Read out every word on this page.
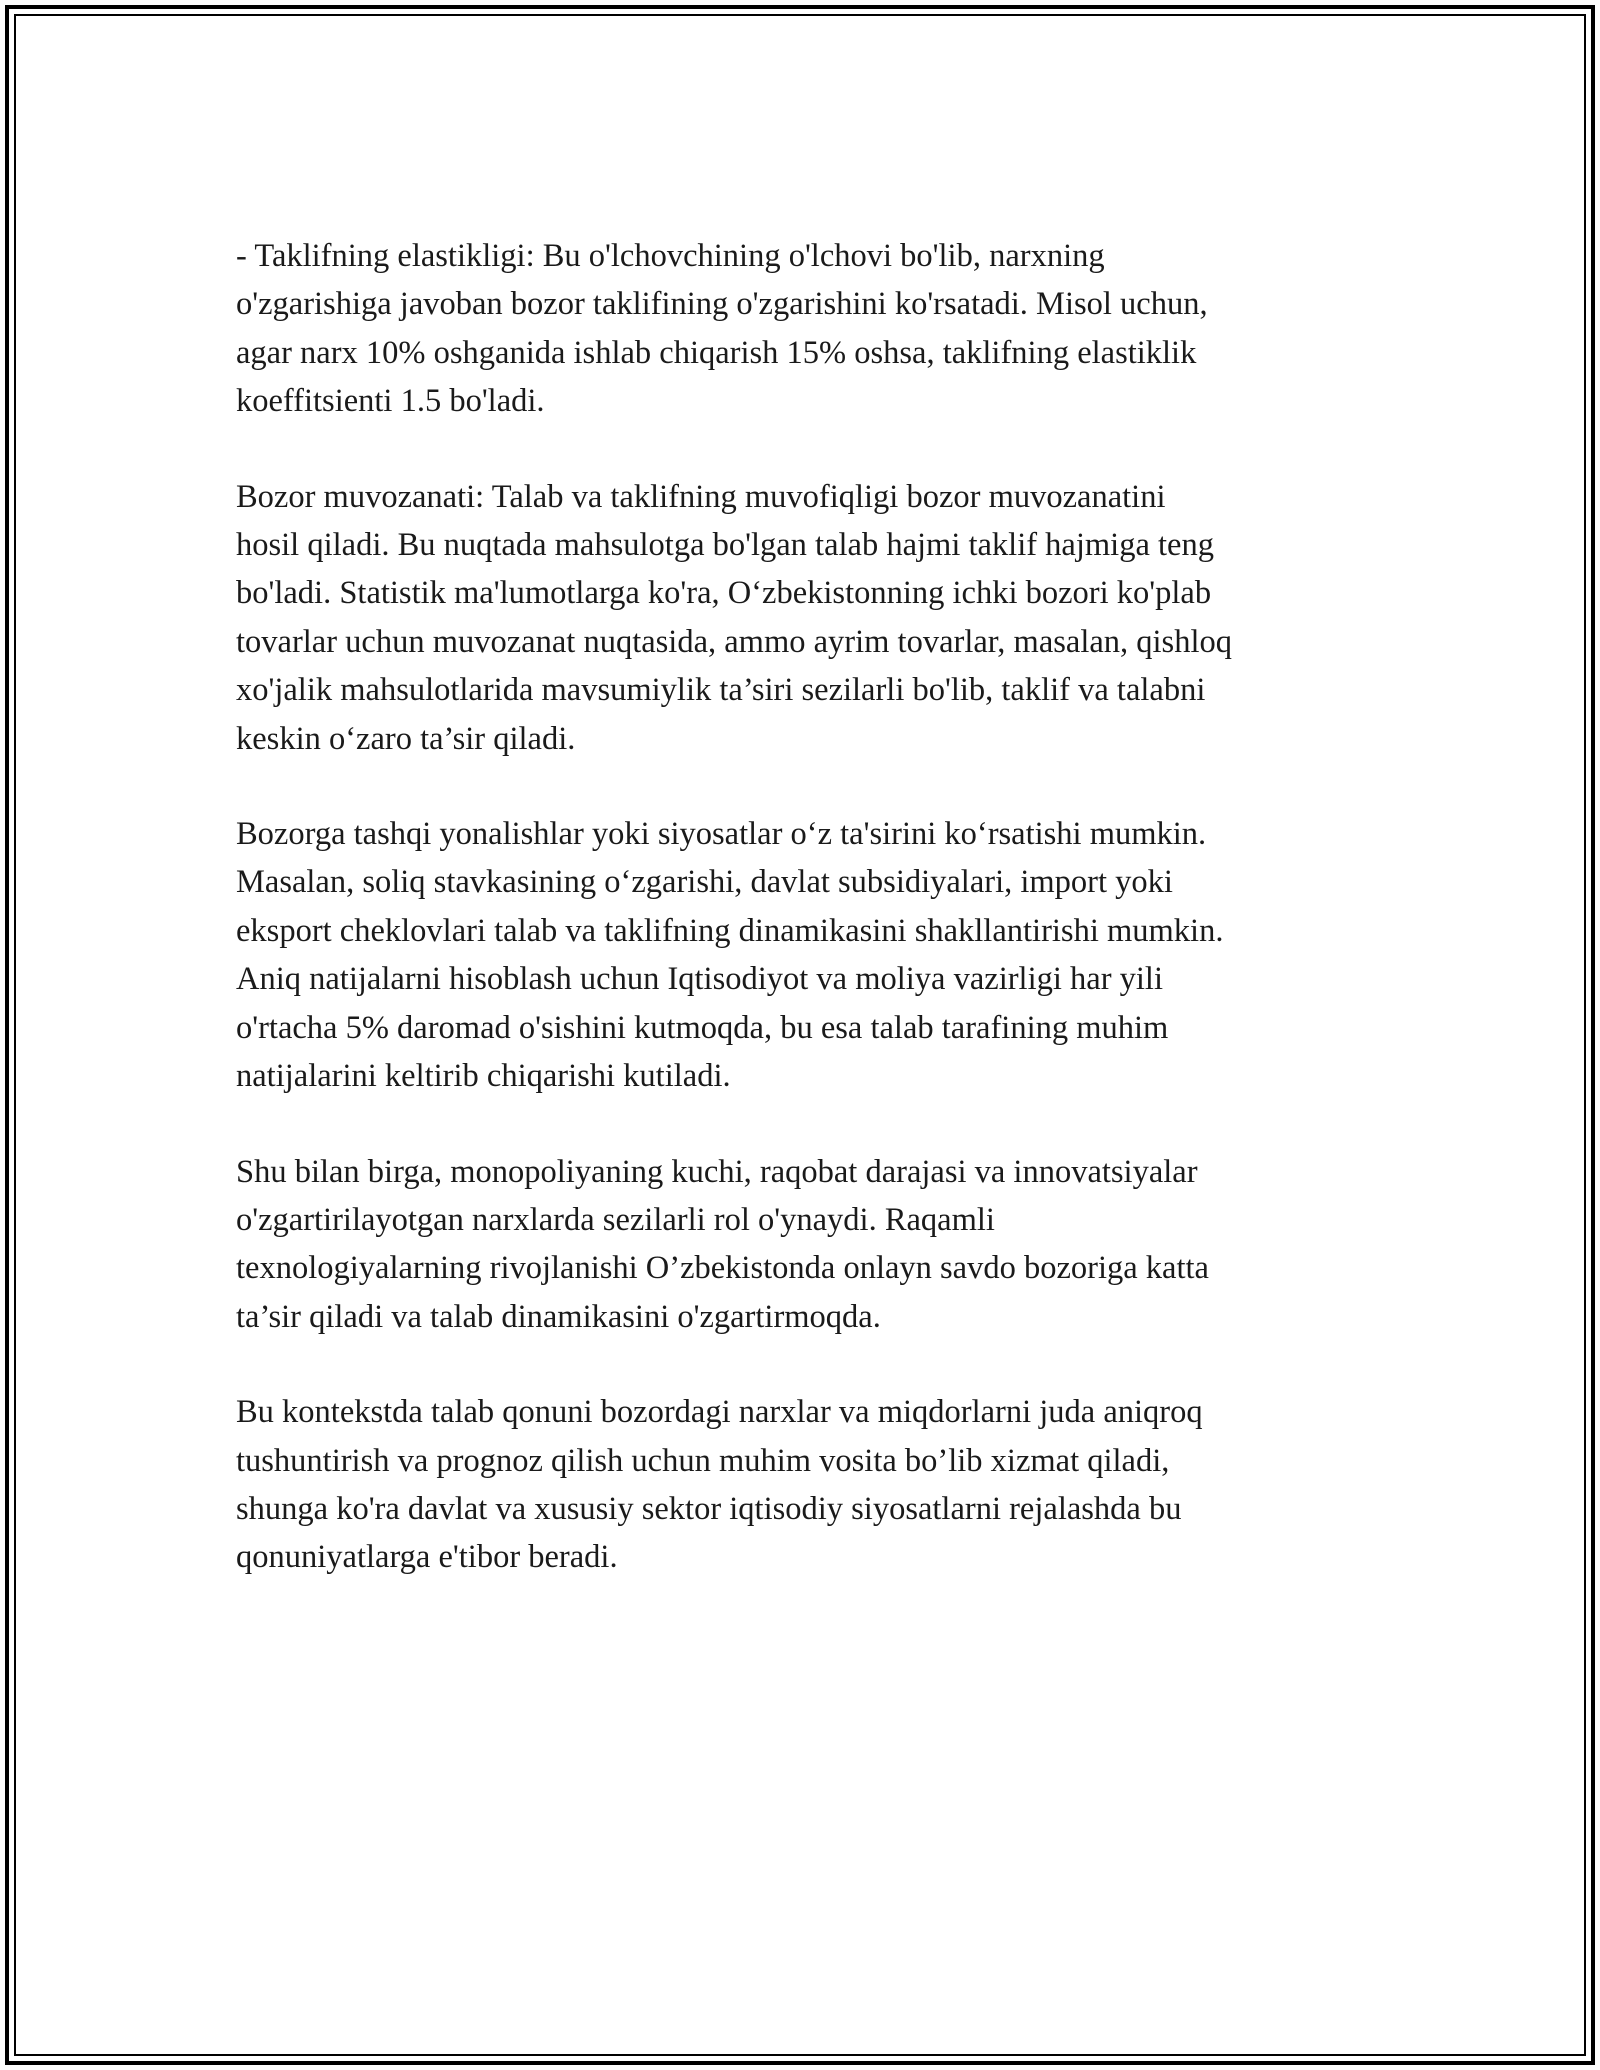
- Taklifning elastikligi: Bu o'lchovchining o'lchovi bo'lib, narxning
o'zgarishiga javoban bozor taklifining o'zgarishini ko'rsatadi. Misol uchun,
agar narx 10% oshganida ishlab chiqarish 15% oshsa, taklifning elastiklik
koeffitsienti 1.5 bo'ladi.

Bozor muvozanati: Talab va taklifning muvofiqligi bozor muvozanatini
hosil qiladi. Bu nuqtada mahsulotga bo'lgan talab hajmi taklif hajmiga teng
bo'ladi. Statistik ma'lumotlarga ko'ra, O‘zbekistonning ichki bozori ko'plab
tovarlar uchun muvozanat nuqtasida, ammo ayrim tovarlar, masalan, qishloq
xo'jalik mahsulotlarida mavsumiylik ta’siri sezilarli bo'lib, taklif va talabni
keskin o‘zaro ta’sir qiladi.

Bozorga tashqi yonalishlar yoki siyosatlar o‘z ta'sirini ko‘rsatishi mumkin.
Masalan, soliq stavkasining o‘zgarishi, davlat subsidiyalari, import yoki
eksport cheklovlari talab va taklifning dinamikasini shakllantirishi mumkin.
Aniq natijalarni hisoblash uchun Iqtisodiyot va moliya vazirligi har yili
o'rtacha 5% daromad o'sishini kutmoqda, bu esa talab tarafining muhim
natijalarini keltirib chiqarishi kutiladi.

Shu bilan birga, monopoliyaning kuchi, raqobat darajasi va innovatsiyalar
o'zgartirilayotgan narxlarda sezilarli rol o'ynaydi. Raqamli
texnologiyalarning rivojlanishi O’zbekistonda onlayn savdo bozoriga katta
ta’sir qiladi va talab dinamikasini o'zgartirmoqda.

Bu kontekstda talab qonuni bozordagi narxlar va miqdorlarni juda aniqroq
tushuntirish va prognoz qilish uchun muhim vosita bo’lib xizmat qiladi,
shunga ko'ra davlat va xususiy sektor iqtisodiy siyosatlarni rejalashda bu
qonuniyatlarga e'tibor beradi.
